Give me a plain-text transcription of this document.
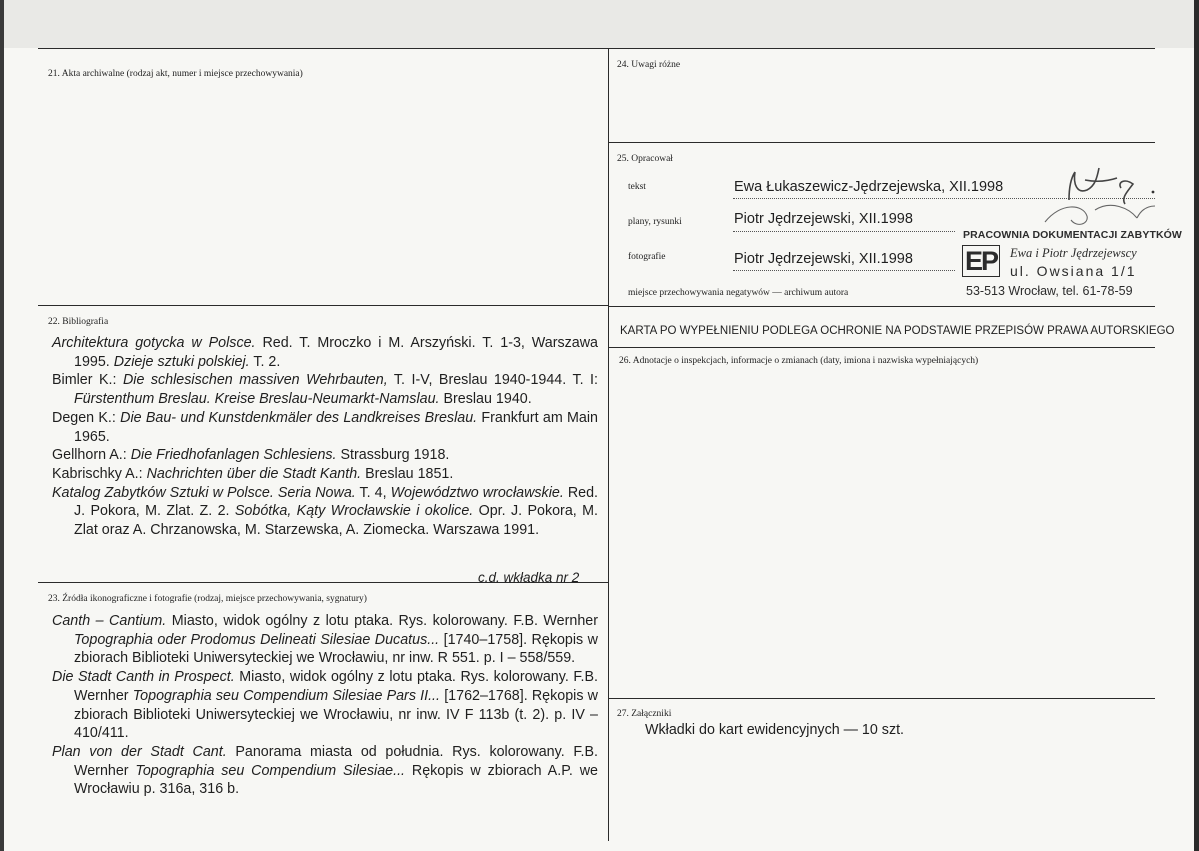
21. Akta archiwalne (rodzaj akt, numer i miejsce przechowywania)
22. Bibliografia

Architektura gotycka w Polsce. Red. T. Mroczko i M. Arszyński. T. 1-3, Warszawa 1995. Dzieje sztuki polskiej. T. 2.

Bimler K.: Die schlesischen massiven Wehrbauten, T. I-V, Breslau 1940-1944. T. I: Fürstenthum Breslau. Kreise Breslau-Neumarkt-Namslau. Breslau 1940.

Degen K.: Die Bau- und Kunstdenkmäler des Landkreises Breslau. Frankfurt am Main 1965.

Gellhorn A.: Die Friedhofanlagen Schlesiens. Strassburg 1918.

Kabrischky A.: Nachrichten über die Stadt Kanth. Breslau 1851.

Katalog Zabytków Sztuki w Polsce. Seria Nowa. T. 4, Województwo wrocławskie. Red. J. Pokora, M. Zlat. Z. 2. Sobótka, Kąty Wrocławskie i okolice. Opr. J. Pokora, M. Zlat oraz A. Chrzanowska, M. Starzewska, A. Ziomecka. Warszawa 1991.

c.d. wkładka nr 2
23. Źródła ikonograficzne i fotografie (rodzaj, miejsce przechowywania, sygnatury)

Canth – Cantium. Miasto, widok ogólny z lotu ptaka. Rys. kolorowany. F.B. Wernher Topographia oder Prodomus Delineati Silesiae Ducatus... [1740–1758]. Rękopis w zbiorach Biblioteki Uniwersyteckiej we Wrocławiu, nr inw. R 551. p. I – 558/559.

Die Stadt Canth in Prospect. Miasto, widok ogólny z lotu ptaka. Rys. kolorowany. F.B. Wernher Topographia seu Compendium Silesiae Pars II... [1762–1768]. Rękopis w zbiorach Biblioteki Uniwersyteckiej we Wrocławiu, nr inw. IV F 113b (t. 2). p. IV – 410/411.

Plan von der Stadt Cant. Panorama miasta od południa. Rys. kolorowany. F.B. Wernher Topographia seu Compendium Silesiae... Rękopis w zbiorach A.P. we Wrocławiu p. 316a, 316 b.

24. Uwagi różne
25. Opracował
tekst	Ewa Łukaszewicz-Jędrzejewska, XII.1998
plany, rysunki	Piotr Jędrzejewski, XII.1998
fotografie	Piotr Jędrzejewski, XII.1998
miejsce przechowywania negatywów — archiwum autora
PRACOWNIA DOKUMENTACJI ZABYTKÓW
EP Ewa i Piotr Jędrzejewscy
ul. Owsiana 1/1
53-513 Wrocław, tel. 61-78-59
KARTA PO WYPEŁNIENIU PODLEGA OCHRONIE NA PODSTAWIE PRZEPISÓW PRAWA AUTORSKIEGO
26. Adnotacje o inspekcjach, informacje o zmianach (daty, imiona i nazwiska wypełniających)
27. Załączniki
Wkładki do kart ewidencyjnych — 10 szt.
